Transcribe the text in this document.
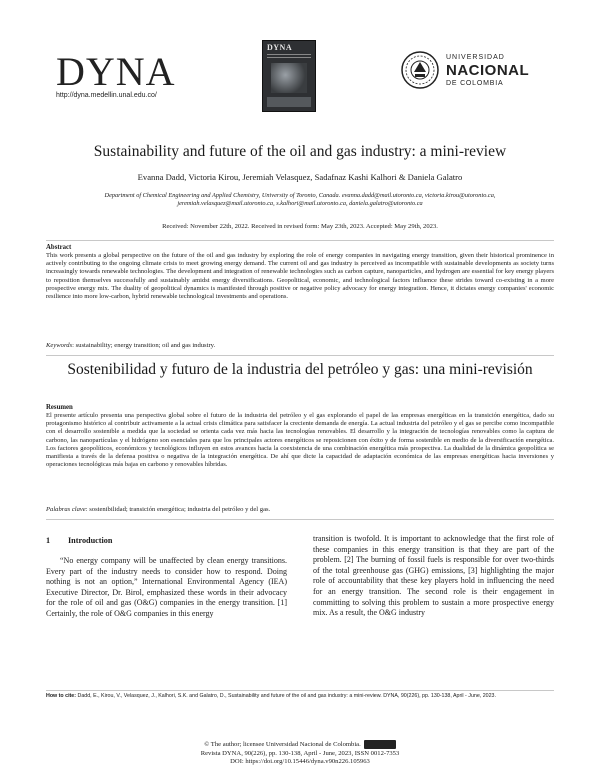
DYNA
http://dyna.medellin.unal.edu.co/
DYNA
UNIVERSIDAD
NACIONAL
DE COLOMBIA
Sustainability and future of the oil and gas industry: a mini-review
Evanna Dadd, Victoria Kirou, Jeremiah Velasquez, Sadafnaz Kashi Kalhori & Daniela Galatro
Department of Chemical Engineering and Applied Chemistry, University of Toronto, Canada. evanna.dadd@mail.utoronto.ca, victoria.kirou@utoronto.ca, jeremiah.velasquez@mail.utoronto.ca, s.kalhori@mail.utoronto.ca, daniela.galatro@utoronto.ca
Received: November 22th, 2022. Received in revised form: May 23th, 2023. Accepted: May 29th, 2023.
Abstract

This work presents a global perspective on the future of the oil and gas industry by exploring the role of energy companies in navigating energy transition, given their historical prominence in actively contributing to the ongoing climate crisis to meet growing energy demand. The current oil and gas industry is perceived as incompatible with sustainable developments as society turns increasingly towards renewable technologies. The development and integration of renewable technologies such as carbon capture, nanoparticles, and hydrogen are essential for key energy players to reposition themselves successfully and sustainably amidst energy diversifications. Geopolitical, economic, and technological factors influence these strides toward co-existing in a more prospective energy mix. The duality of geopolitical dynamics is manifested through positive or negative policy advocacy for energy integration. Hence, it dictates energy companies' economic resilience into more low-carbon, hybrid renewable technological investments and operations.

Keywords: sustainability; energy transition; oil and gas industry.
Sostenibilidad y futuro de la industria del petróleo y gas: una mini-revisión
Resumen

El presente artículo presenta una perspectiva global sobre el futuro de la industria del petróleo y el gas explorando el papel de las empresas energéticas en la transición energética, dado su protagonismo histórico al contribuir activamente a la actual crisis climática para satisfacer la creciente demanda de energía. La actual industria del petróleo y el gas se percibe como incompatible con el desarrollo sostenible a medida que la sociedad se orienta cada vez más hacia las tecnologías renovables. El desarrollo y la integración de tecnologías renovables como la captura de carbono, las nanopartículas y el hidrógeno son esenciales para que los principales actores energéticos se reposicionen con éxito y de forma sostenible en medio de la diversificación energética. Los factores geopolíticos, económicos y tecnológicos influyen en estos avances hacia la coexistencia de una combinación energética más prospectiva. La dualidad de la dinámica geopolítica se manifiesta a través de la defensa positiva o negativa de la integración energética. De ahí que dicte la capacidad de adaptación económica de las empresas energéticas hacia inversiones y operaciones tecnológicas más bajas en carbono y renovables híbridas.

Palabras clave: sostenibilidad; transición energética; industria del petróleo y del gas.
1 Introduction

“No energy company will be unaffected by clean energy transitions. Every part of the industry needs to consider how to respond. Doing nothing is not an option,” International Environmental Agency (IEA) Executive Director, Dr. Birol, emphasized these words in their advocacy for the role of oil and gas (O&G) companies in the energy transition. [1] Certainly, the role of O&G companies in this energy

transition is twofold. It is important to acknowledge that the first role of these companies in this energy transition is that they are part of the problem. [2] The burning of fossil fuels is responsible for over two-thirds of the total greenhouse gas (GHG) emissions, [3] highlighting the major role of accountability that these key players hold in influencing the need for an energy transition. The second role is their engagement in committing to solving this problem to sustain a more prospective energy mix. As a result, the O&G industry

How to cite: Dadd, E., Kirou, V., Velasquez, J., Kalhori, S.K. and Galatro, D., Sustainability and future of the oil and gas industry: a mini-review. DYNA, 90(226), pp. 130-138, April - June, 2023.
© The author; licensee Universidad Nacional de Colombia.
Revista DYNA, 90(226), pp. 130-138, April - June, 2023, ISSN 0012-7353
DOI: https://doi.org/10.15446/dyna.v90n226.105963
